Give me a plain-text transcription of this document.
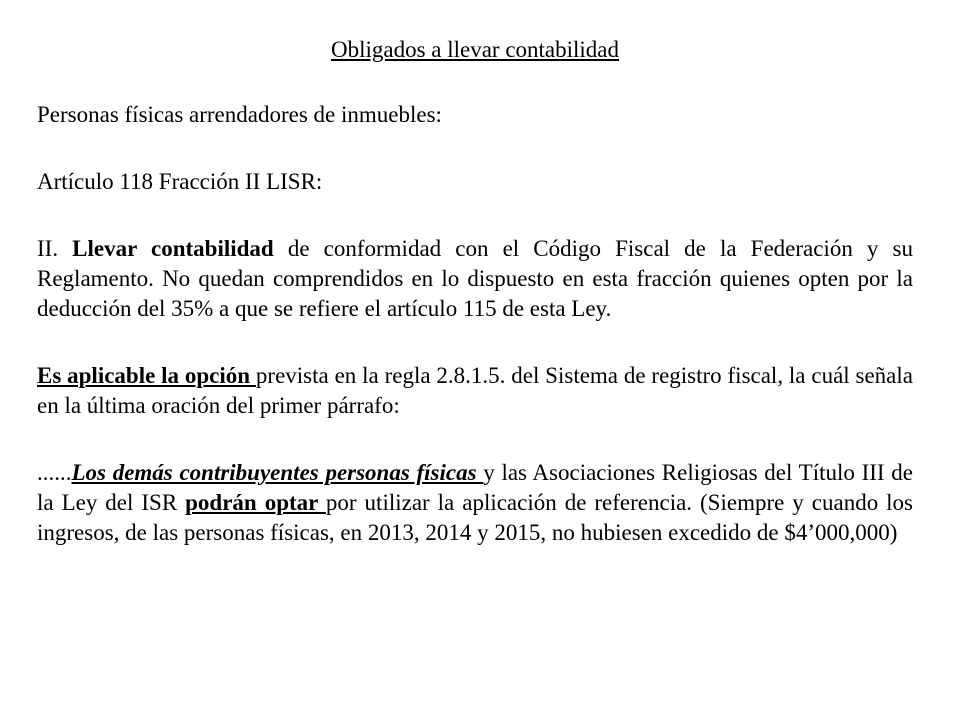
Obligados a llevar contabilidad

Personas físicas arrendadores de inmuebles:

Artículo 118 Fracción II LISR:

II. Llevar contabilidad de conformidad con el Código Fiscal de la Federación y su Reglamento. No quedan comprendidos en lo dispuesto en esta fracción quienes opten por la deducción del 35% a que se refiere el artículo 115 de esta Ley.

Es aplicable la opción prevista en la regla 2.8.1.5. del Sistema de registro fiscal, la cuál señala en la última oración del primer párrafo:

......Los demás contribuyentes personas físicas y las Asociaciones Religiosas del Título III de la Ley del ISR podrán optar por utilizar la aplicación de referencia. (Siempre y cuando los ingresos, de las personas físicas, en 2013, 2014 y 2015, no hubiesen excedido de $4’000,000)
